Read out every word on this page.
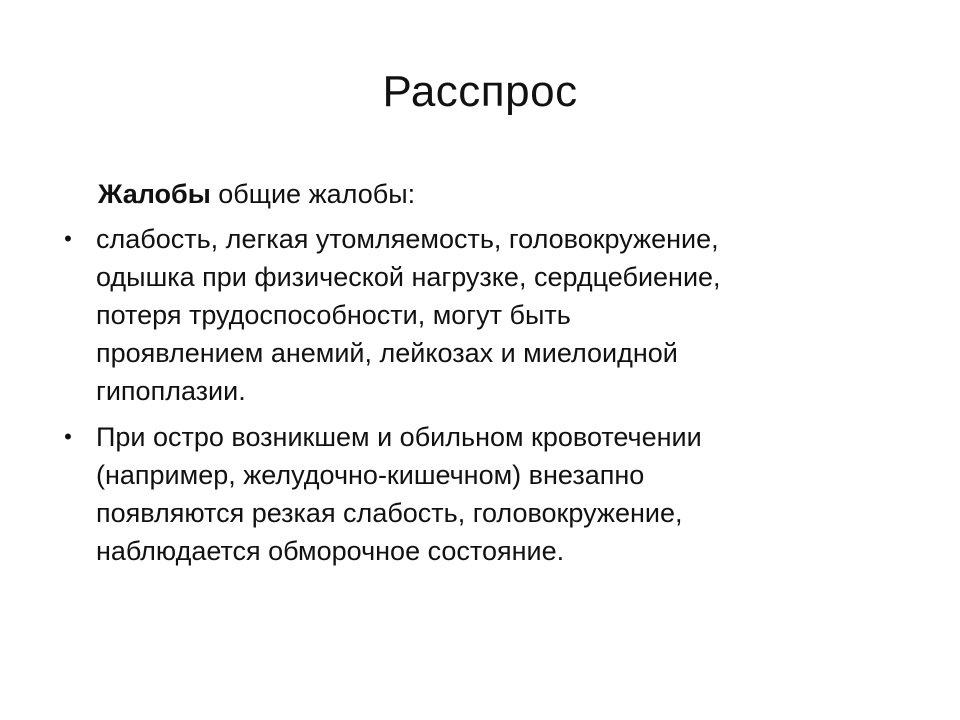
Расспрос
Жалобы общие жалобы:
• слабость, легкая утомляемость, головокружение,
одышка при физической нагрузке, сердцебиение,
потеря трудоспособности, могут быть
проявлением анемий, лейкозах и миелоидной
гипоплазии.
• При остро возникшем и обильном кровотечении
(например, желудочно-кишечном) внезапно
появляются резкая слабость, головокружение,
наблюдается обморочное состояние.
